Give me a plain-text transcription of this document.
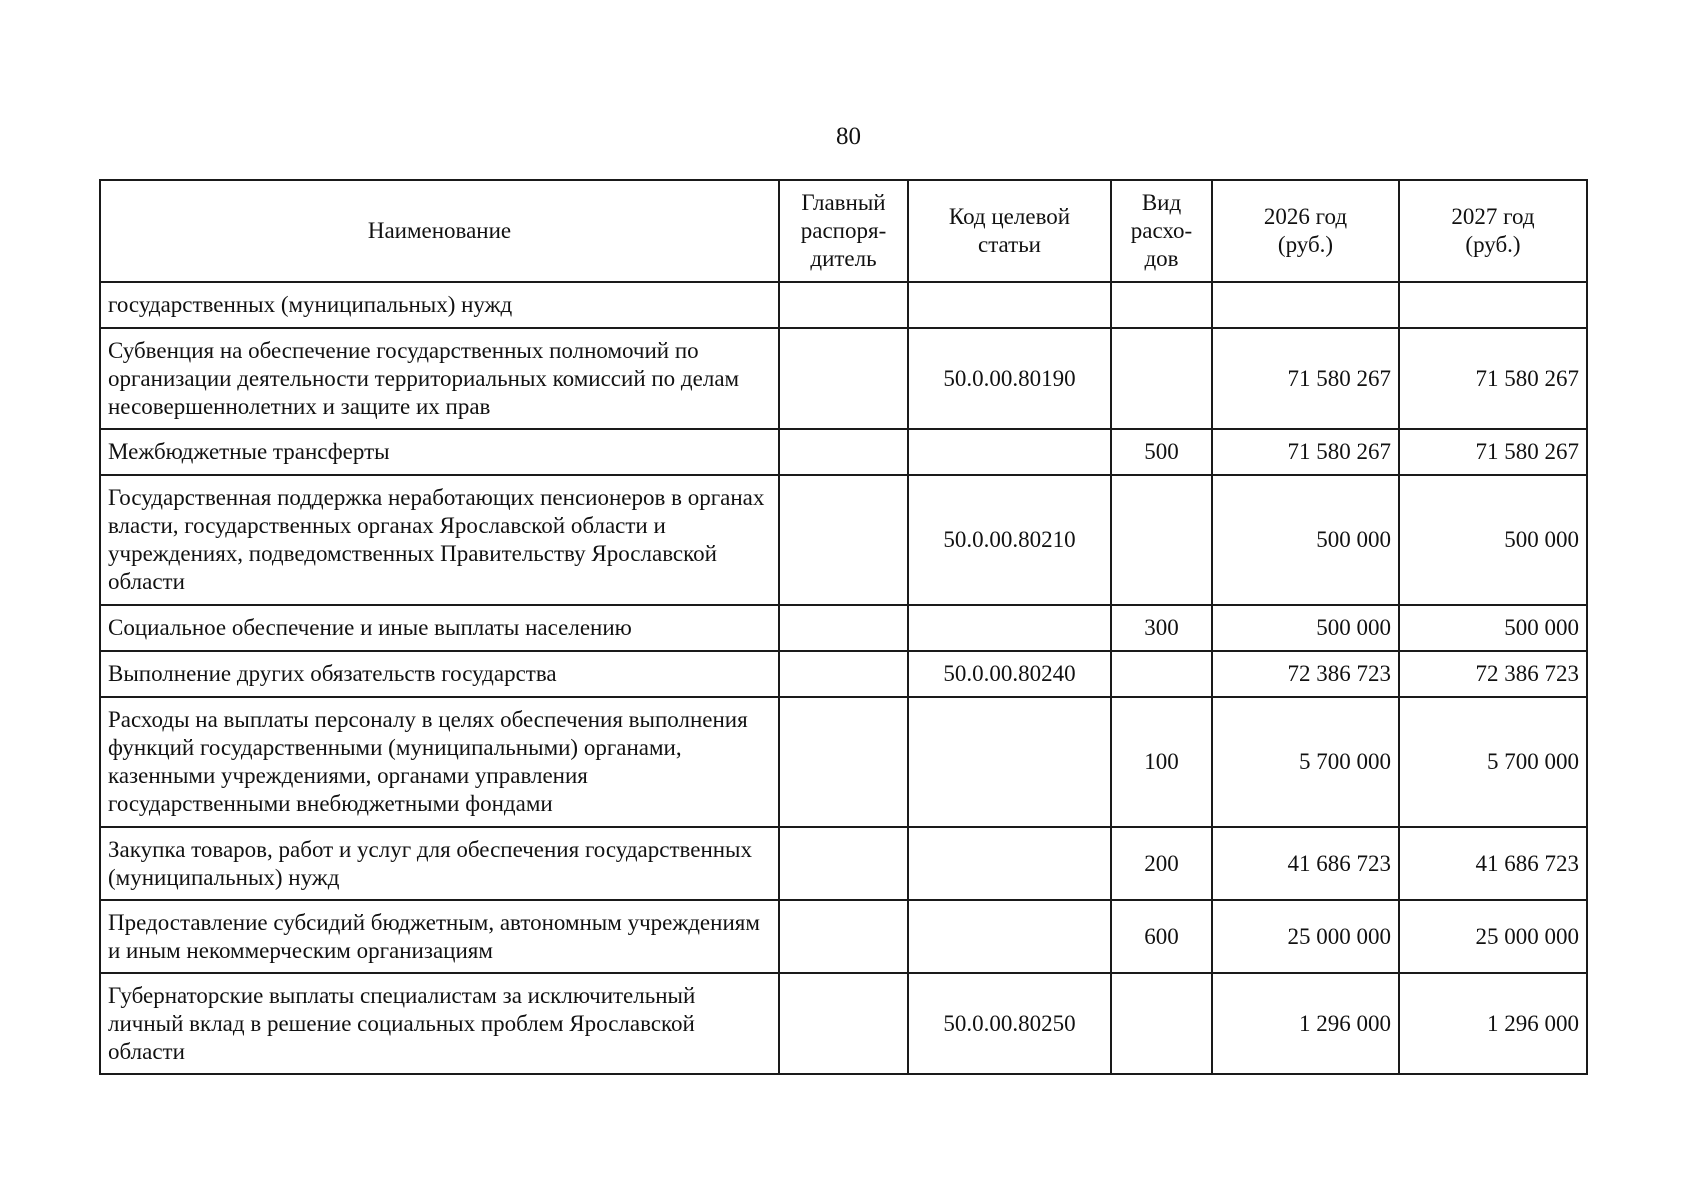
80
Наименование	Главный распоря-дитель	Код целевой статьи	Вид расхо-дов	2026 год (руб.)	2027 год (руб.)
государственных (муниципальных) нужд					
Субвенция на обеспечение государственных полномочий по организации деятельности территориальных комиссий по делам несовершеннолетних и защите их прав		50.0.00.80190		71 580 267	71 580 267
Межбюджетные трансферты			500	71 580 267	71 580 267
Государственная поддержка неработающих пенсионеров в органах власти, государственных органах Ярославской области и учреждениях, подведомственных Правительству Ярославской области		50.0.00.80210		500 000	500 000
Социальное обеспечение и иные выплаты населению			300	500 000	500 000
Выполнение других обязательств государства		50.0.00.80240		72 386 723	72 386 723
Расходы на выплаты персоналу в целях обеспечения выполнения функций государственными (муниципальными) органами, казенными учреждениями, органами управления государственными внебюджетными фондами			100	5 700 000	5 700 000
Закупка товаров, работ и услуг для обеспечения государственных (муниципальных) нужд			200	41 686 723	41 686 723
Предоставление субсидий бюджетным, автономным учреждениям и иным некоммерческим организациям			600	25 000 000	25 000 000
Губернаторские выплаты специалистам за исключительный личный вклад в решение социальных проблем Ярославской области		50.0.00.80250		1 296 000	1 296 000
